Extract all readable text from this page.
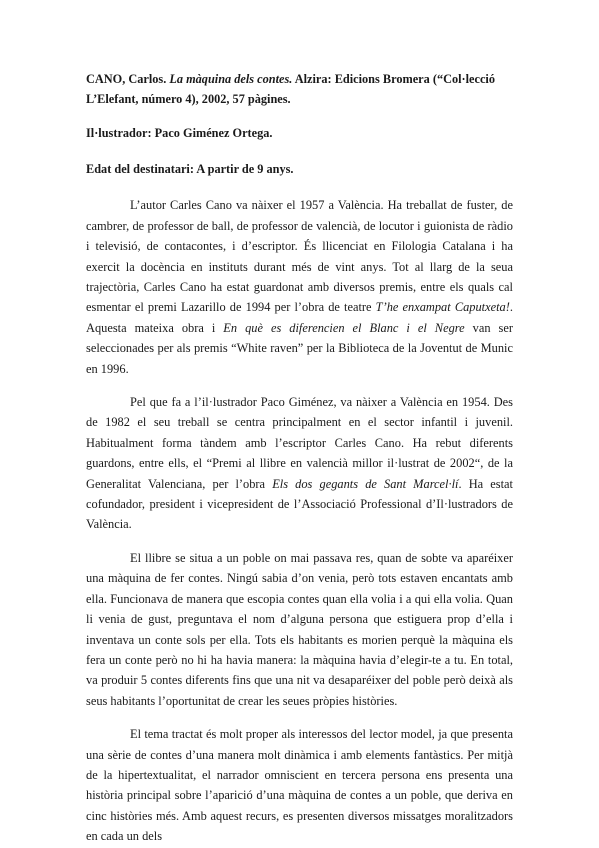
CANO, Carlos. La màquina dels contes. Alzira: Edicions Bromera (“Col·lecció L’Elefant, número 4), 2002, 57 pàgines.

Il·lustrador: Paco Giménez Ortega.

Edat del destinatari: A partir de 9 anys.

L’autor Carles Cano va nàixer el 1957 a València. Ha treballat de fuster, de cambrer, de professor de ball, de professor de valencià, de locutor i guionista de ràdio i televisió, de contacontes, i d’escriptor. És llicenciat en Filologia Catalana i ha exercit la docència en instituts durant més de vint anys. Tot al llarg de la seua trajectòria, Carles Cano ha estat guardonat amb diversos premis, entre els quals cal esmentar el premi Lazarillo de 1994 per l’obra de teatre T’he enxampat Caputxeta!. Aquesta mateixa obra i En què es diferencien el Blanc i el Negre van ser seleccionades per als premis “White raven” per la Biblioteca de la Joventut de Munic en 1996.

Pel que fa a l’il·lustrador Paco Giménez, va nàixer a València en 1954. Des de 1982 el seu treball se centra principalment en el sector infantil i juvenil. Habitualment forma tàndem amb l’escriptor Carles Cano. Ha rebut diferents guardons, entre ells, el “Premi al llibre en valencià millor il·lustrat de 2002“, de la Generalitat Valenciana, per l’obra Els dos gegants de Sant Marcel·lí. Ha estat cofundador, president i vicepresident de l’Associació Professional d’Il·lustradors de València.

El llibre se situa a un poble on mai passava res, quan de sobte va aparéixer una màquina de fer contes. Ningú sabia d’on venia, però tots estaven encantats amb ella. Funcionava de manera que escopia contes quan ella volia i a qui ella volia. Quan li venia de gust, preguntava el nom d’alguna persona que estiguera prop d’ella i inventava un conte sols per ella. Tots els habitants es morien perquè la màquina els fera un conte però no hi ha havia manera: la màquina havia d’elegir-te a tu. En total, va produir 5 contes diferents fins que una nit va desaparéixer del poble però deixà als seus habitants l’oportunitat de crear les seues pròpies històries.

El tema tractat és molt proper als interessos del lector model, ja que presenta una sèrie de contes d’una manera molt dinàmica i amb elements fantàstics. Per mitjà de la hipertextualitat, el narrador omniscient en tercera persona ens presenta una història principal sobre l’aparició d’una màquina de contes a un poble, que deriva en cinc històries més. Amb aquest recurs, es presenten diversos missatges moralitzadors en cada un dels
